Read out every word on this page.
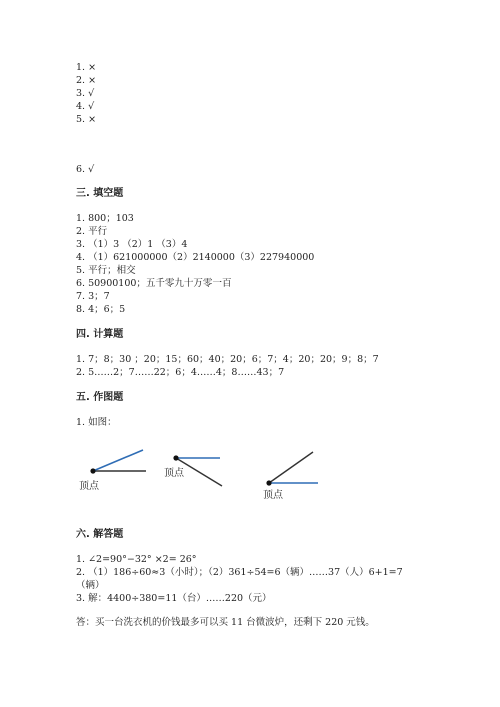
1. ×
2. ×
3. √
4. √
5. ×
6. √
三. 填空题
1. 800；103
2. 平行
3. （1）3 （2）1 （3）4
4. （1）621000000（2）2140000（3）227940000
5. 平行；相交
6. 50900100；五千零九十万零一百
7. 3；7
8. 4；6；5
四. 计算题
1. 7；8；30 ；20；15；60；40；20；6；7；4；20；20；9；8；7
2. 5……2；7……22；6；4……4；8……43；7
五. 作图题
1. 如图：
顶点
顶点
顶点
六. 解答题
1. ∠2=90°−32° ×2= 26°
2. （1）186÷60≈3（小时）；（2）361÷54=6（辆）……37（人）6+1=7
（辆）
3. 解：4400÷380=11（台）……220（元）
答：买一台洗衣机的价钱最多可以买 11 台微波炉，还剩下 220 元钱。
